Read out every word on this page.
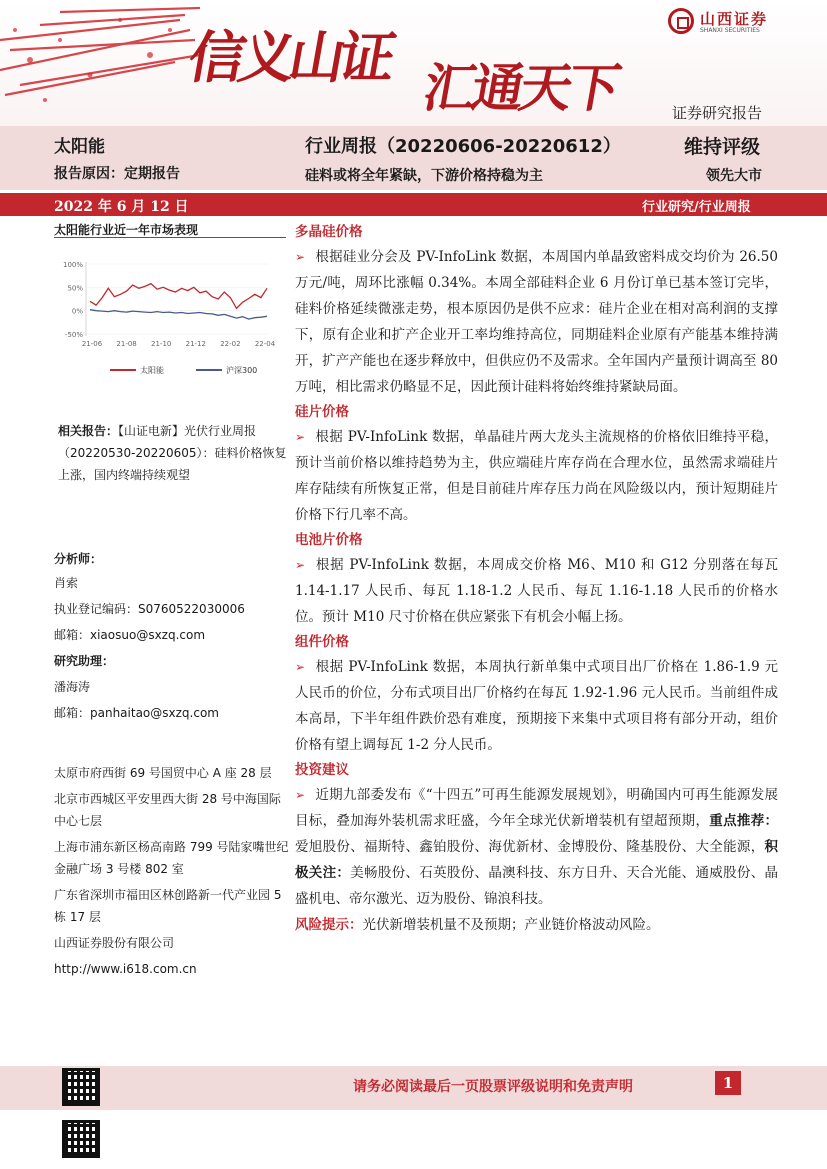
信义山证 汇通天下
山西证券
SHANXI SECURITIES
证券研究报告
太阳能
报告原因：定期报告
行业周报（20220606-20220612）
硅料或将全年紧缺，下游价格持稳为主
维持评级
领先大市
2022 年 6 月 12 日	行业研究/行业周报
太阳能行业近一年市场表现
100%
50%
0%
-50%
21-06 21-08 21-10 21-12 22-02 22-04
太阳能	沪深300
相关报告：【山证电新】光伏行业周报（20220530-20220605）：硅料价格恢复上涨，国内终端持续观望
分析师：
肖索
执业登记编码：S0760522030006
邮箱：xiaosuo@sxzq.com
研究助理：
潘海涛
邮箱：panhaitao@sxzq.com
太原市府西街 69 号国贸中心 A 座 28 层
北京市西城区平安里西大街 28 号中海国际中心七层
上海市浦东新区杨高南路 799 号陆家嘴世纪金融广场 3 号楼 802 室
广东省深圳市福田区林创路新一代产业园 5 栋 17 层
山西证券股份有限公司
http://www.i618.com.cn
多晶硅价格
➢ 根据硅业分会及 PV-InfoLink 数据，本周国内单晶致密料成交均价为 26.50 万元/吨，周环比涨幅 0.34%。本周全部硅料企业 6 月份订单已基本签订完毕，硅料价格延续微涨走势，根本原因仍是供不应求：硅片企业在相对高利润的支撑下，原有企业和扩产企业开工率均维持高位，同期硅料企业原有产能基本维持满开，扩产产能也在逐步释放中，但供应仍不及需求。全年国内产量预计调高至 80 万吨，相比需求仍略显不足，因此预计硅料将始终维持紧缺局面。
硅片价格
➢ 根据 PV-InfoLink 数据，单晶硅片两大龙头主流规格的价格依旧维持平稳，预计当前价格以维持趋势为主，供应端硅片库存尚在合理水位，虽然需求端硅片库存陆续有所恢复正常，但是目前硅片库存压力尚在风险级以内，预计短期硅片价格下行几率不高。
电池片价格
➢ 根据 PV-InfoLink 数据，本周成交价格 M6、M10 和 G12 分别落在每瓦 1.14-1.17 人民币、每瓦 1.18-1.2 人民币、每瓦 1.16-1.18 人民币的价格水位。预计 M10 尺寸价格在供应紧张下有机会小幅上扬。
组件价格
➢ 根据 PV-InfoLink 数据，本周执行新单集中式项目出厂价格在 1.86-1.9 元人民币的价位，分布式项目出厂价格约在每瓦 1.92-1.96 元人民币。当前组件成本高昂，下半年组件跌价恐有难度，预期接下来集中式项目将有部分开动，组价价格有望上调每瓦 1-2 分人民币。
投资建议
➢ 近期九部委发布《“十四五”可再生能源发展规划》，明确国内可再生能源发展目标，叠加海外装机需求旺盛，今年全球光伏新增装机有望超预期，重点推荐：爱旭股份、福斯特、鑫铂股份、海优新材、金博股份、隆基股份、大全能源，积极关注：美畅股份、石英股份、晶澳科技、东方日升、天合光能、通威股份、晶盛机电、帝尔激光、迈为股份、锦浪科技。
风险提示：光伏新增装机量不及预期；产业链价格波动风险。
请务必阅读最后一页股票评级说明和免责声明	1
